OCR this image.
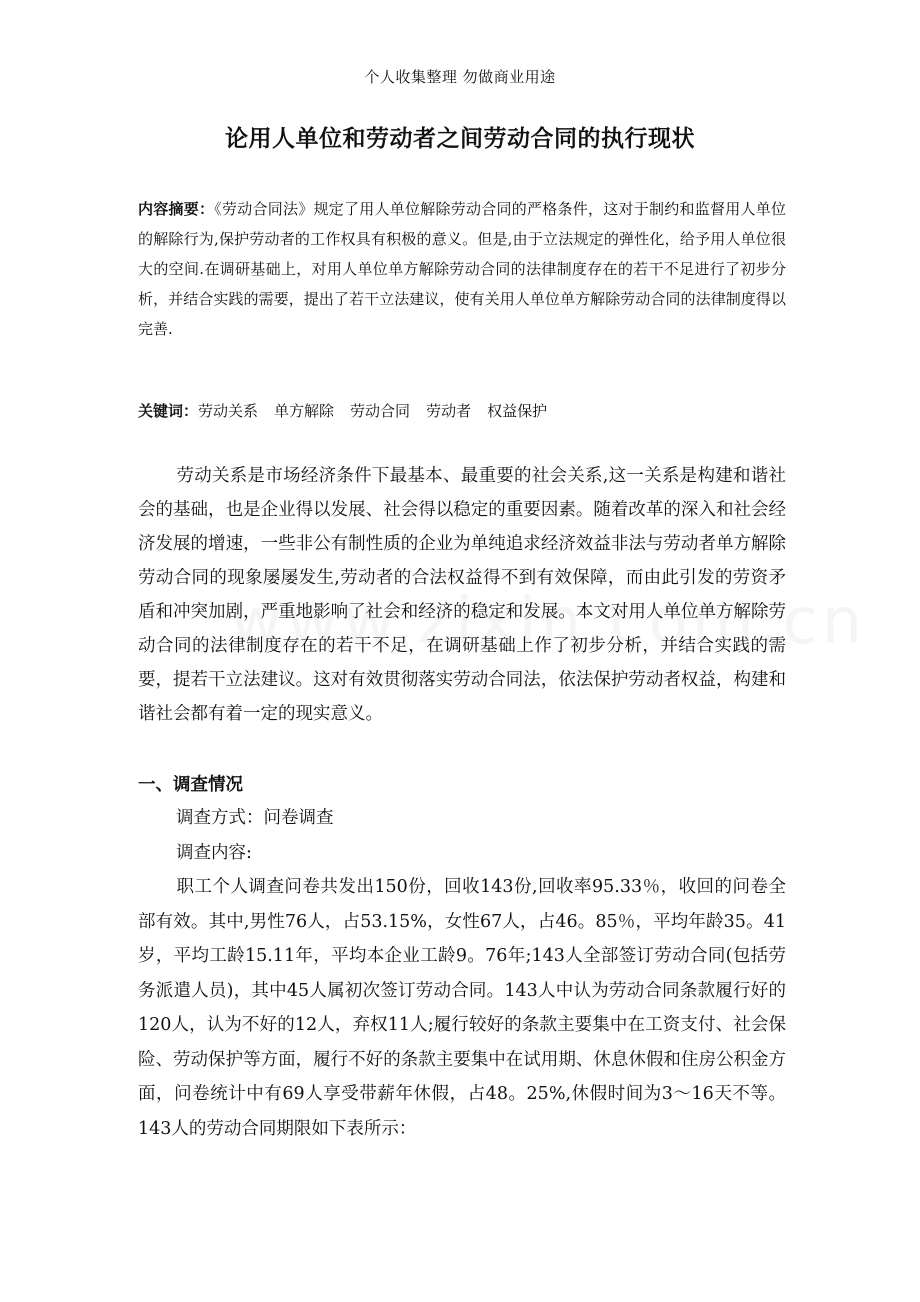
个人收集整理 勿做商业用途
论用人单位和劳动者之间劳动合同的执行现状
内容摘要：《劳动合同法》规定了用人单位解除劳动合同的严格条件，这对于制约和监督用人单位的解除行为,保护劳动者的工作权具有积极的意义。但是,由于立法规定的弹性化，给予用人单位很大的空间.在调研基础上，对用人单位单方解除劳动合同的法律制度存在的若干不足进行了初步分析，并结合实践的需要，提出了若干立法建议，使有关用人单位单方解除劳动合同的法律制度得以完善.
关键词：劳动关系 单方解除 劳动合同 劳动者 权益保护
劳动关系是市场经济条件下最基本、最重要的社会关系,这一关系是构建和谐社会的基础，也是企业得以发展、社会得以稳定的重要因素。随着改革的深入和社会经济发展的增速，一些非公有制性质的企业为单纯追求经济效益非法与劳动者单方解除劳动合同的现象屡屡发生,劳动者的合法权益得不到有效保障，而由此引发的劳资矛盾和冲突加剧，严重地影响了社会和经济的稳定和发展。本文对用人单位单方解除劳动合同的法律制度存在的若干不足，在调研基础上作了初步分析，并结合实践的需要，提若干立法建议。这对有效贯彻落实劳动合同法，依法保护劳动者权益，构建和谐社会都有着一定的现实意义。
一、调查情况
调查方式：问卷调查
调查内容:
职工个人调查问卷共发出150份，回收143份,回收率95.33％，收回的问卷全部有效。其中,男性76人，占53.15%，女性67人，占46。85％，平均年龄35。41岁，平均工龄15.11年，平均本企业工龄9。76年;143人全部签订劳动合同(包括劳务派遣人员)，其中45人属初次签订劳动合同。143人中认为劳动合同条款履行好的120人，认为不好的12人，弃权11人;履行较好的条款主要集中在工资支付、社会保险、劳动保护等方面，履行不好的条款主要集中在试用期、休息休假和住房公积金方面，问卷统计中有69人享受带薪年休假，占48。25%,休假时间为3～16天不等。143人的劳动合同期限如下表所示：
